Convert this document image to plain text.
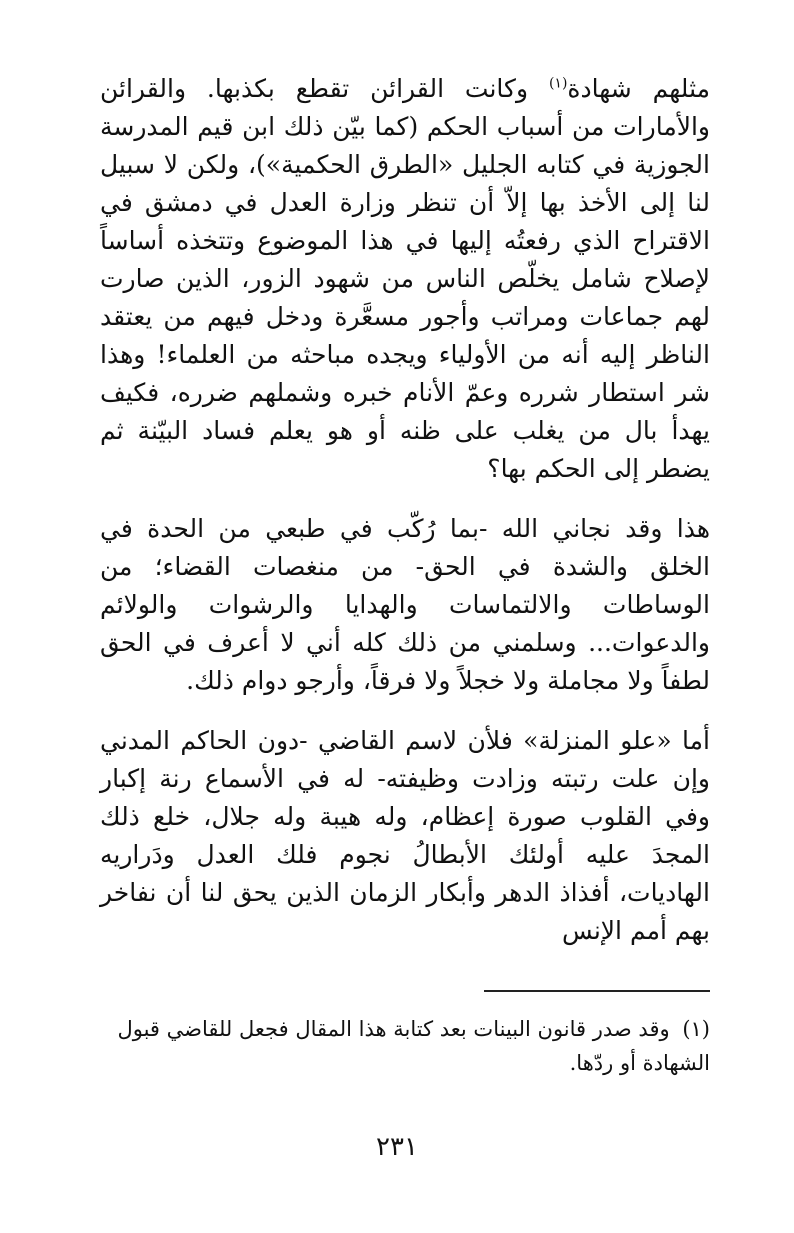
مثلهم شهادة$^{(١)}$ وكانت القرائن تقطع بكذبها. والقرائن والأمارات من أسباب الحكم (كما بيّن ذلك ابن قيم المدرسة الجوزية في كتابه الجليل «الطرق الحكمية»)، ولكن لا سبيل لنا إلى الأخذ بها إلاّ أن تنظر وزارة العدل في دمشق في الاقتراح الذي رفعتُه إليها في هذا الموضوع وتتخذه أساساً لإصلاح شامل يخلّص الناس من شهود الزور، الذين صارت لهم جماعات ومراتب وأجور مسعَّرة ودخل فيهم من يعتقد الناظر إليه أنه من الأولياء ويجده مباحثه من العلماء! وهذا شر استطار شرره وعمّ الأنام خبره وشملهم ضرره، فكيف يهدأ بال من يغلب على ظنه أو هو يعلم فساد البيّنة ثم يضطر إلى الحكم بها؟

هذا وقد نجاني الله -بما رُكّب في طبعي من الحدة في الخلق والشدة في الحق- من منغصات القضاء؛ من الوساطات والالتماسات والهدايا والرشوات والولائم والدعوات... وسلمني من ذلك كله أني لا أعرف في الحق لطفاً ولا مجاملة ولا خجلاً ولا فرقاً، وأرجو دوام ذلك.

أما «علو المنزلة» فلأن لاسم القاضي -دون الحاكم المدني وإن علت رتبته وزادت وظيفته- له في الأسماع رنة إكبار وفي القلوب صورة إعظام، وله هيبة وله جلال، خلع ذلك المجدَ عليه أولئك الأبطالُ نجوم فلك العدل ودَراريه الهاديات، أفذاذ الدهر وأبكار الزمان الذين يحق لنا أن نفاخر بهم أمم الإنس

(١) وقد صدر قانون البينات بعد كتابة هذا المقال فجعل للقاضي قبول الشهادة أو ردّها.
٢٣١
